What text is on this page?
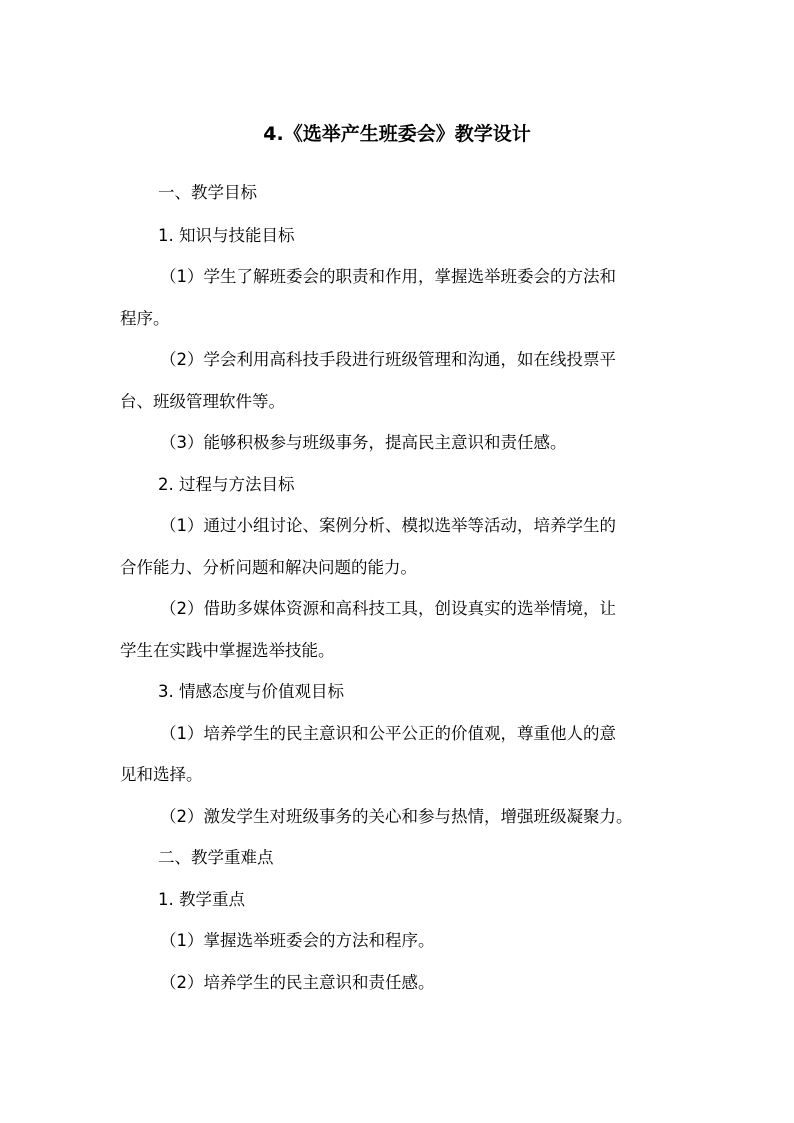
4.《选举产生班委会》教学设计
一、教学目标
1. 知识与技能目标
（1）学生了解班委会的职责和作用，掌握选举班委会的方法和
程序。
（2）学会利用高科技手段进行班级管理和沟通，如在线投票平
台、班级管理软件等。
（3）能够积极参与班级事务，提高民主意识和责任感。
2. 过程与方法目标
（1）通过小组讨论、案例分析、模拟选举等活动，培养学生的
合作能力、分析问题和解决问题的能力。
（2）借助多媒体资源和高科技工具，创设真实的选举情境，让
学生在实践中掌握选举技能。
3. 情感态度与价值观目标
（1）培养学生的民主意识和公平公正的价值观，尊重他人的意
见和选择。
（2）激发学生对班级事务的关心和参与热情，增强班级凝聚力。
二、教学重难点
1. 教学重点
（1）掌握选举班委会的方法和程序。
（2）培养学生的民主意识和责任感。
